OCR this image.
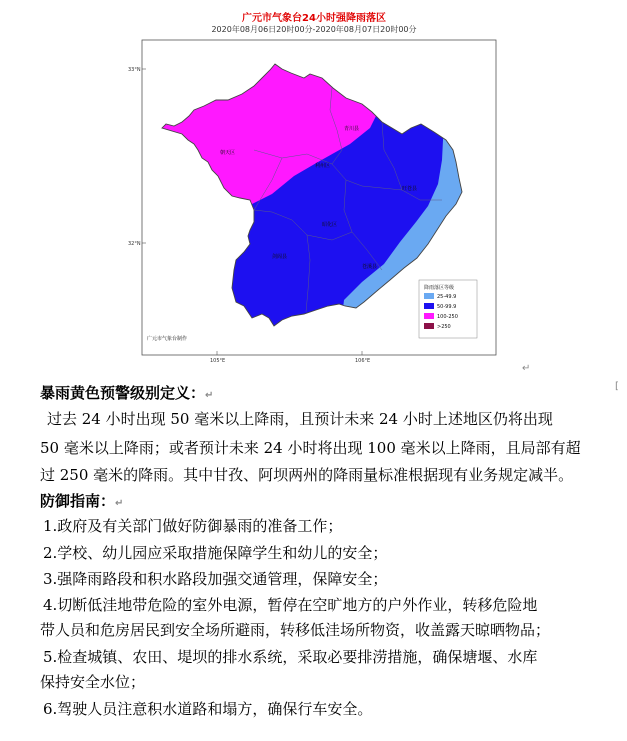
广元市气象台24小时强降雨落区
2020年08月06日20时00分-2020年08月07日20时00分
33°N
32°N
105°E	106°E
青川县
利州区
朝天区
旺苍县
昭化区
剑阁县
苍溪县
广元市气象台制作
降雨落区等级
25-49.9
50-99.9
100-250
>250
↵
[
暴雨黄色预警级别定义：↵
过去 24 小时出现 50 毫米以上降雨，且预计未来 24 小时上述地区仍将出现
50 毫米以上降雨；或者预计未来 24 小时将出现 100 毫米以上降雨，且局部有超
过 250 毫米的降雨。其中甘孜、阿坝两州的降雨量标准根据现有业务规定减半。
防御指南：↵
1.政府及有关部门做好防御暴雨的准备工作；
2.学校、幼儿园应采取措施保障学生和幼儿的安全；
3.强降雨路段和积水路段加强交通管理，保障安全；
4.切断低洼地带危险的室外电源，暂停在空旷地方的户外作业，转移危险地
带人员和危房居民到安全场所避雨，转移低洼场所物资，收盖露天晾晒物品；
5.检查城镇、农田、堤坝的排水系统，采取必要排涝措施，确保塘堰、水库
保持安全水位；
6.驾驶人员注意积水道路和塌方，确保行车安全。
